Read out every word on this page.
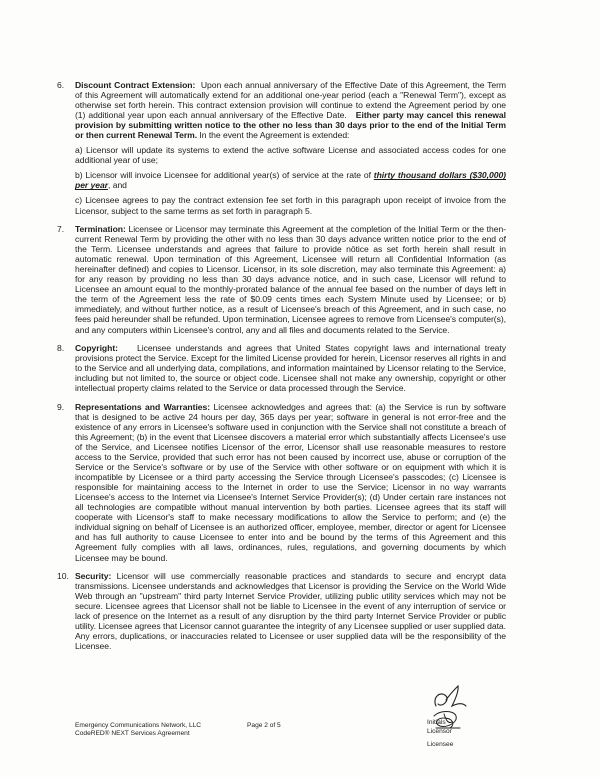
6. Discount Contract Extension: Upon each annual anniversary of the Effective Date of this Agreement, the Term of this Agreement will automatically extend for an additional one-year period (each a "Renewal Term"), except as otherwise set forth herein. This contract extension provision will continue to extend the Agreement period by one (1) additional year upon each annual anniversary of the Effective Date. Either party may cancel this renewal provision by submitting written notice to the other no less than 30 days prior to the end of the Initial Term or then current Renewal Term. In the event the Agreement is extended:
a) Licensor will update its systems to extend the active software License and associated access codes for one additional year of use;
b) Licensor will invoice Licensee for additional year(s) of service at the rate of thirty thousand dollars ($30,000) per year, and
c) Licensee agrees to pay the contract extension fee set forth in this paragraph upon receipt of invoice from the Licensor, subject to the same terms as set forth in paragraph 5.
7. Termination: Licensee or Licensor may terminate this Agreement at the completion of the Initial Term or the then-current Renewal Term by providing the other with no less than 30 days advance written notice prior to the end of the Term. Licensee understands and agrees that failure to provide nōtice as set forth herein shall result in automatic renewal. Upon termination of this Agreement, Licensee will return all Confidential Information (as hereinafter defined) and copies to Licensor. Licensor, in its sole discretion, may also terminate this Agreement: a) for any reason by providing no less than 30 days advance notice, and in such case, Licensor will refund to Licensee an amount equal to the monthly-prorated balance of the annual fee based on the number of days left in the term of the Agreement less the rate of $0.09 cents times each System Minute used by Licensee; or b) immediately, and without further notice, as a result of Licensee's breach of this Agreement, and in such case, no fees paid hereunder shall be refunded. Upon termination, Licensee agrees to remove from Licensee's computer(s), and any computers within Licensee's control, any and all files and documents related to the Service.
8. Copyright: Licensee understands and agrees that United States copyright laws and international treaty provisions protect the Service. Except for the limited License provided for herein, Licensor reserves all rights in and to the Service and all underlying data, compilations, and information maintained by Licensor relating to the Service, including but not limited to, the source or object code. Licensee shall not make any ownership, copyright or other intellectual property claims related to the Service or data processed through the Service.
9. Representations and Warranties: Licensee acknowledges and agrees that: (a) the Service is run by software that is designed to be active 24 hours per day, 365 days per year; software in general is not error-free and the existence of any errors in Licensee's software used in conjunction with the Service shall not constitute a breach of this Agreement; (b) in the event that Licensee discovers a material error which substantially affects Licensee's use of the Service, and Licensee notifies Licensor of the error, Licensor shall use reasonable measures to restore access to the Service, provided that such error has not been caused by incorrect use, abuse or corruption of the Service or the Service's software or by use of the Service with other software or on equipment with which it is incompatible by Licensee or a third party accessing the Service through Licensee's passcodes; (c) Licensee is responsible for maintaining access to the Internet in order to use the Service; Licensor in no way warrants Licensee's access to the Internet via Licensee's Internet Service Provider(s); (d) Under certain rare instances not all technologies are compatible without manual intervention by both parties. Licensee agrees that its staff will cooperate with Licensor's staff to make necessary modifications to allow the Service to perform; and (e) the individual signing on behalf of Licensee is an authorized officer, employee, member, director or agent for Licensee and has full authority to cause Licensee to enter into and be bound by the terms of this Agreement and this Agreement fully complies with all laws, ordinances, rules, regulations, and governing documents by which Licensee may be bound.
10. Security: Licensor will use commercially reasonable practices and standards to secure and encrypt data transmissions. Licensee understands and acknowledges that Licensor is providing the Service on the World Wide Web through an "upstream" third party Internet Service Provider, utilizing public utility services which may not be secure. Licensee agrees that Licensor shall not be liable to Licensee in the event of any interruption of service or lack of presence on the Internet as a result of any disruption by the third party Internet Service Provider or public utility. Licensee agrees that Licensor cannot guarantee the integrity of any Licensee supplied or user supplied data. Any errors, duplications, or inaccuracies related to Licensee or user supplied data will be the responsibility of the Licensee.
Emergency Communications Network, LLC
CodeRED® NEXT Services Agreement
Page 2 of 5	Initials
Licensor
Licensee
